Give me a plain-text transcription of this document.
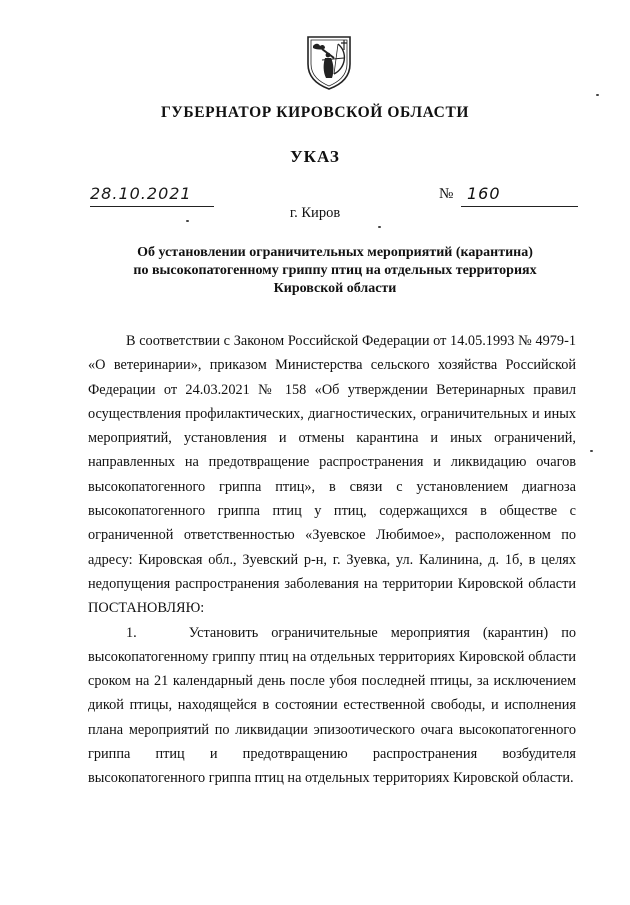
ГУБЕРНАТОР КИРОВСКОЙ ОБЛАСТИ
УКАЗ
28.10.2021	№ 160
г. Киров
Об установлении ограничительных мероприятий (карантина)
по высокопатогенному гриппу птиц на отдельных территориях
Кировской области

В соответствии с Законом Российской Федерации от 14.05.1993 № 4979-1 «О ветеринарии», приказом Министерства сельского хозяйства Российской Федерации от 24.03.2021 № 158 «Об утверждении Ветеринарных правил осуществления профилактических, диагностических, ограничительных и иных мероприятий, установления и отмены карантина и иных ограничений, направленных на предотвращение распространения и ликвидацию очагов высокопатогенного гриппа птиц», в связи с установлением диагноза высокопатогенного гриппа птиц у птиц, содержащихся в обществе с ограниченной ответственностью «Зуевское Любимое», расположенном по адресу: Кировская обл., Зуевский р-н, г. Зуевка, ул. Калинина, д. 1б, в целях недопущения распространения заболевания на территории Кировской области ПОСТАНОВЛЯЮ:

1.    Установить ограничительные мероприятия (карантин) по высокопатогенному гриппу птиц на отдельных территориях Кировской области сроком на 21 календарный день после убоя последней птицы, за исключением дикой птицы, находящейся в состоянии естественной свободы, и исполнения плана мероприятий по ликвидации эпизоотического очага высокопатогенного гриппа птиц и предотвращению распространения возбудителя высокопатогенного гриппа птиц на отдельных территориях Кировской области.
